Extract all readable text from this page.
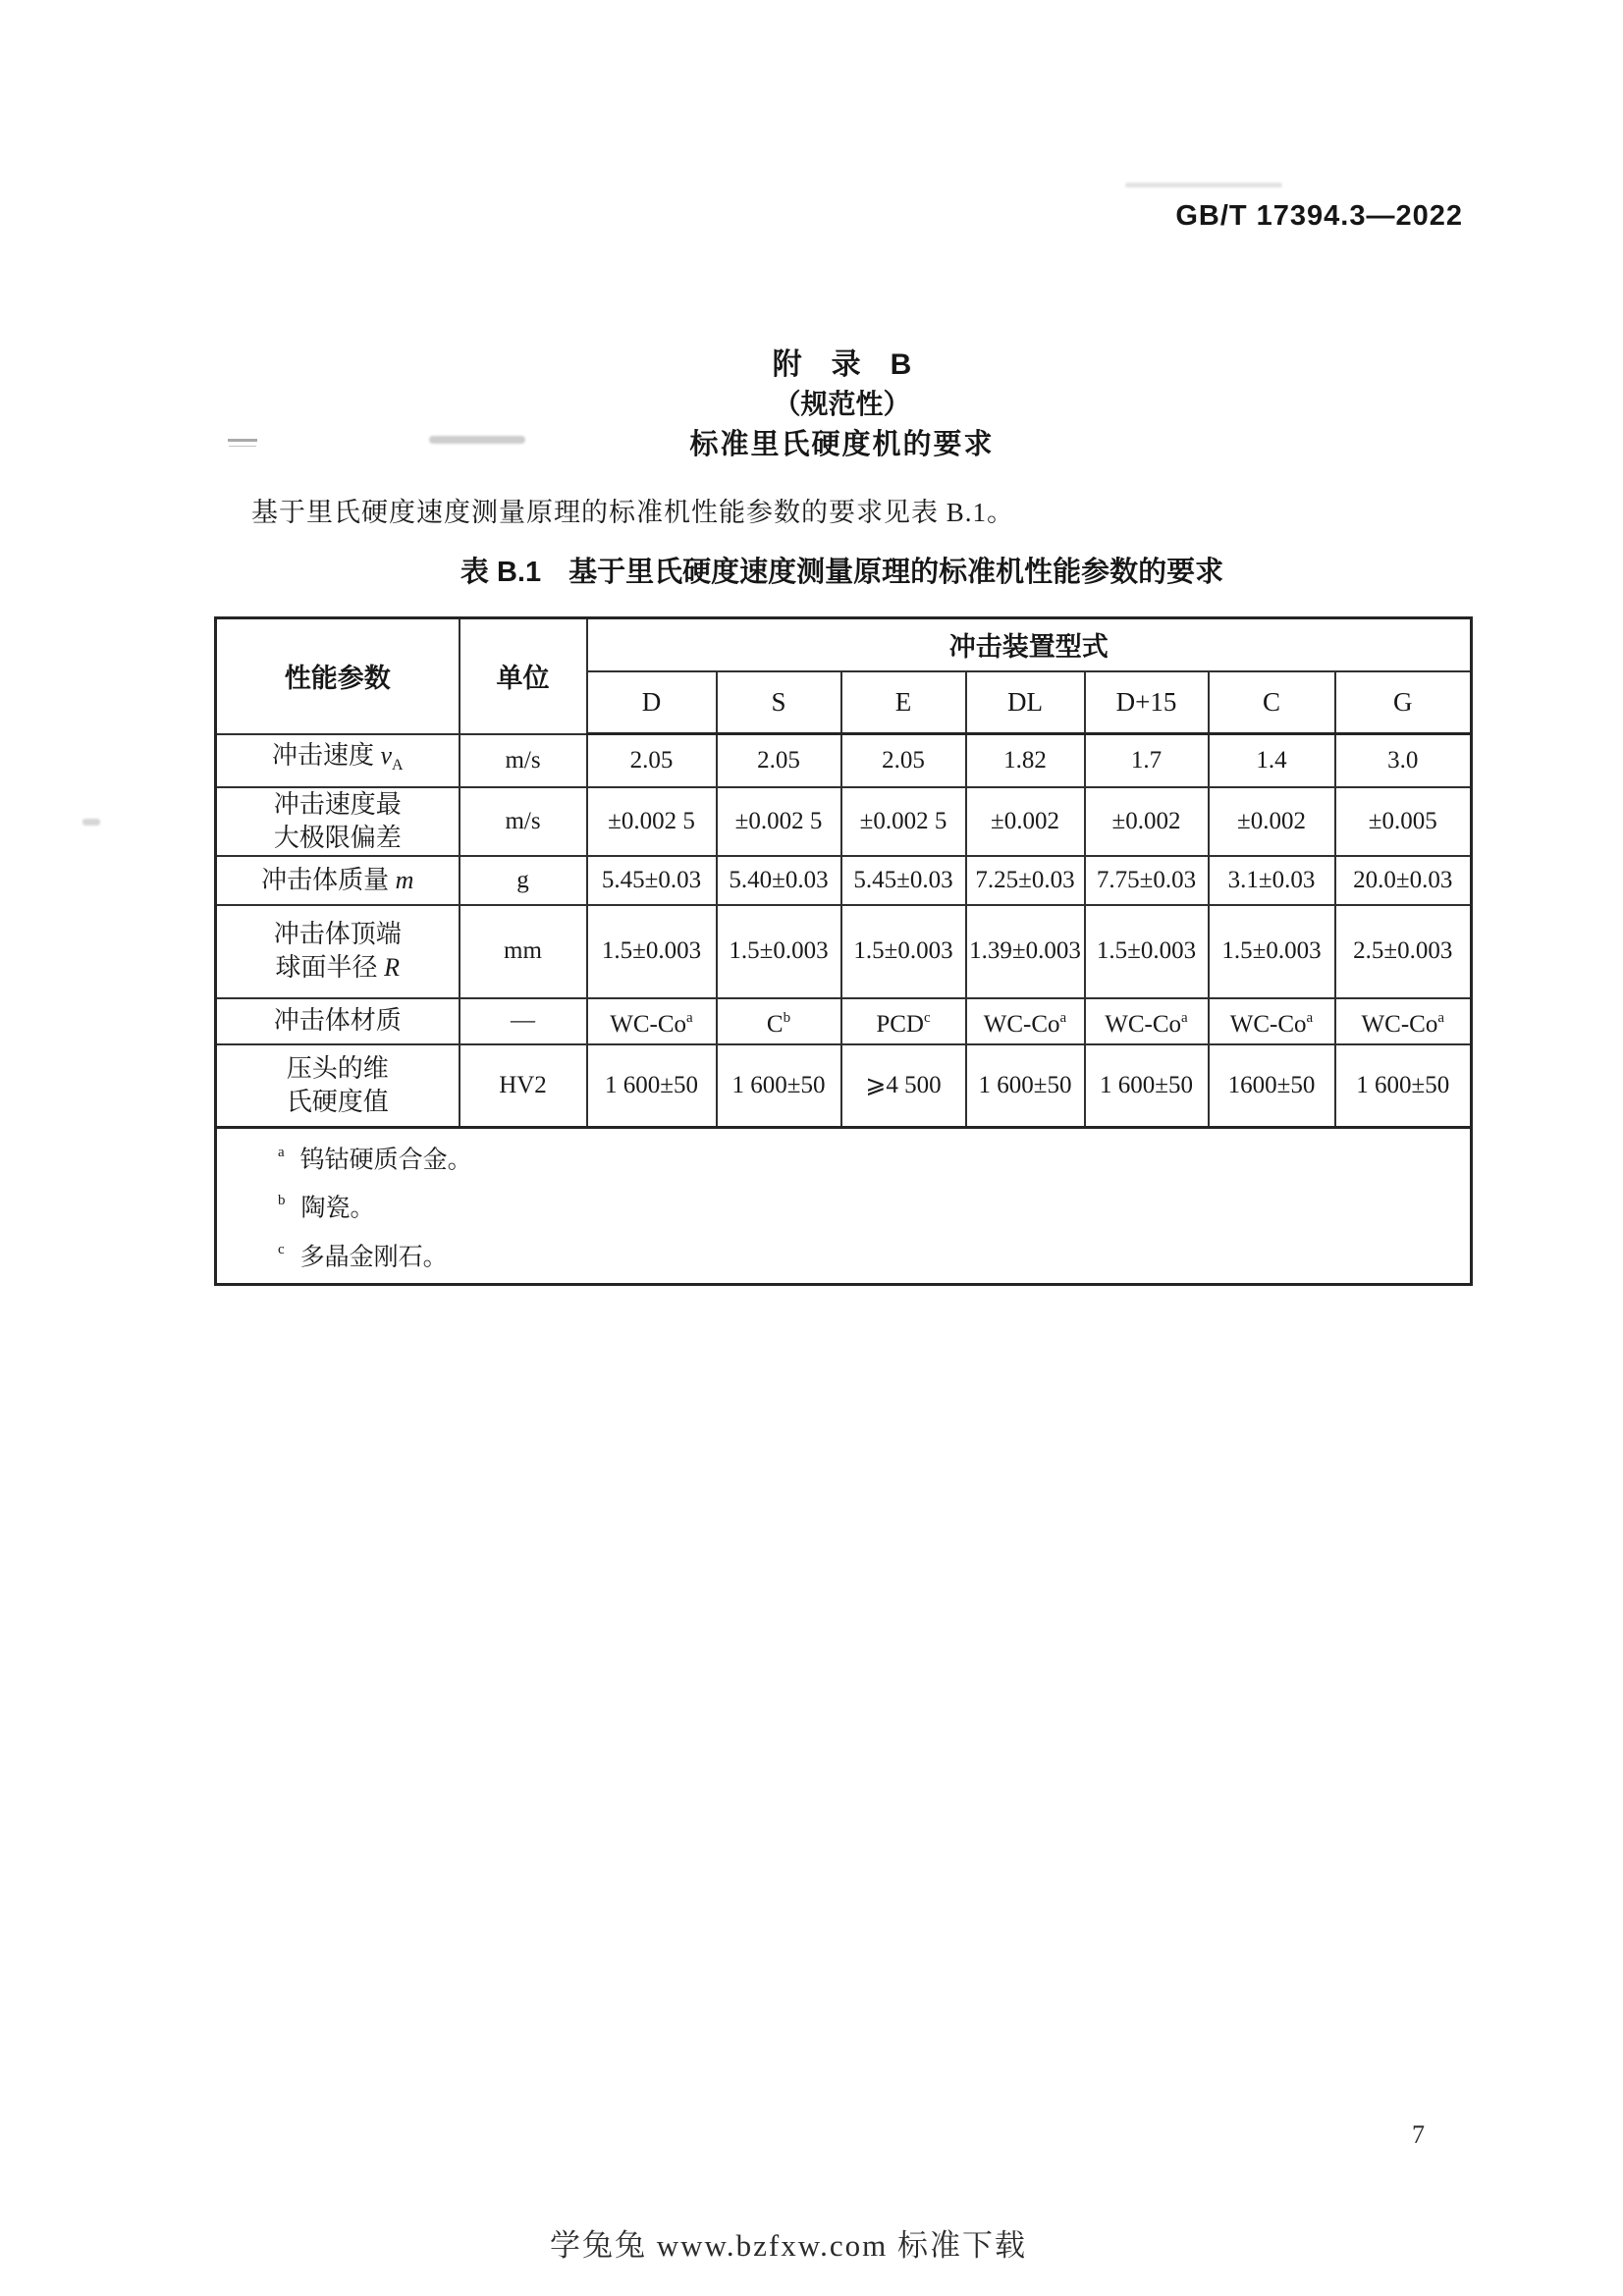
GB/T 17394.3—2022
附　录　B
（规范性）
标准里氏硬度机的要求

基于里氏硬度速度测量原理的标准机性能参数的要求见表 B.1。

表 B.1 基于里氏硬度速度测量原理的标准机性能参数的要求
性能参数	单位	冲击装置型式						
		D	S	E	DL	D+15	C	G
冲击速度 $v_A$	m/s	2.05	2.05	2.05	1.82	1.7	1.4	3.0
冲击速度最
大极限偏差	m/s	±0.002 5	±0.002 5	±0.002 5	±0.002	±0.002	±0.002	±0.005
冲击体质量 m	g	5.45±0.03	5.40±0.03	5.45±0.03	7.25±0.03	7.75±0.03	3.1±0.03	20.0±0.03
冲击体顶端
球面半径 R	mm	1.5±0.003	1.5±0.003	1.5±0.003	1.39±0.003	1.5±0.003	1.5±0.003	2.5±0.003
冲击体材质	—	WC-Co$^a$	$C^b$	PCD$^c$	WC-Co$^a$	WC-Co$^a$	WC-Co$^a$	WC-Co$^a$
压头的维
氏硬度值	HV2	1 600±50	1 600±50	⩾4 500	1 600±50	1 600±50	1600±50	1 600±50

$^a$ 钨钴硬质合金。
$^b$ 陶瓷。
$^c$ 多晶金刚石。								
7
学兔兔 www.bzfxw.com 标准下载
